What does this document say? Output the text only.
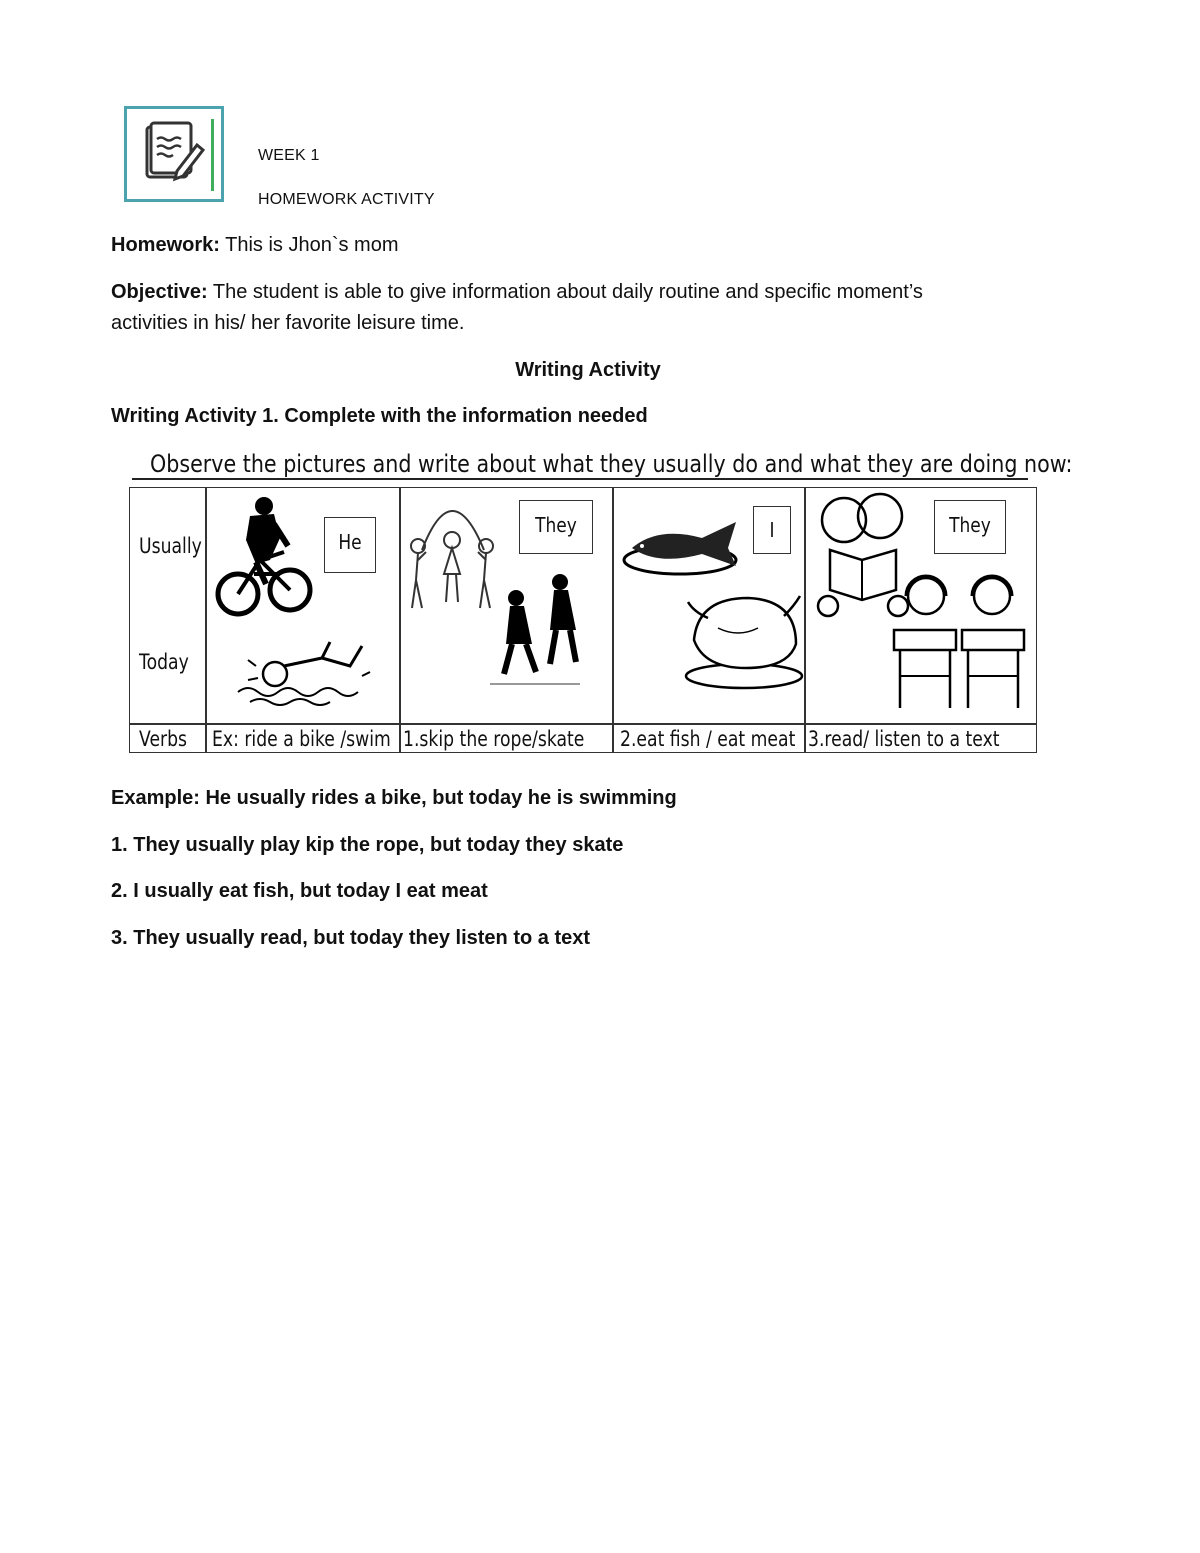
WEEK 1
HOMEWORK ACTIVITY
Homework: This is Jhon`s mom
Objective: The student is able to give information about daily routine and specific moment’s
activities in his/ her favorite leisure time.
Writing Activity
Writing Activity 1. Complete with the information needed
Observe the pictures and write about what they usually do and what they are doing now:
Usually
Today
Verbs Ex: ride a bike /swim 1.skip the rope/skate 2.eat fish / eat meat 3.read/ listen to a text
He
They	I	They
Example: He usually rides a bike, but today he is swimming
1. They usually play kip the rope, but today they skate
2. I usually eat fish, but today I eat meat
3. They usually read, but today they listen to a text
